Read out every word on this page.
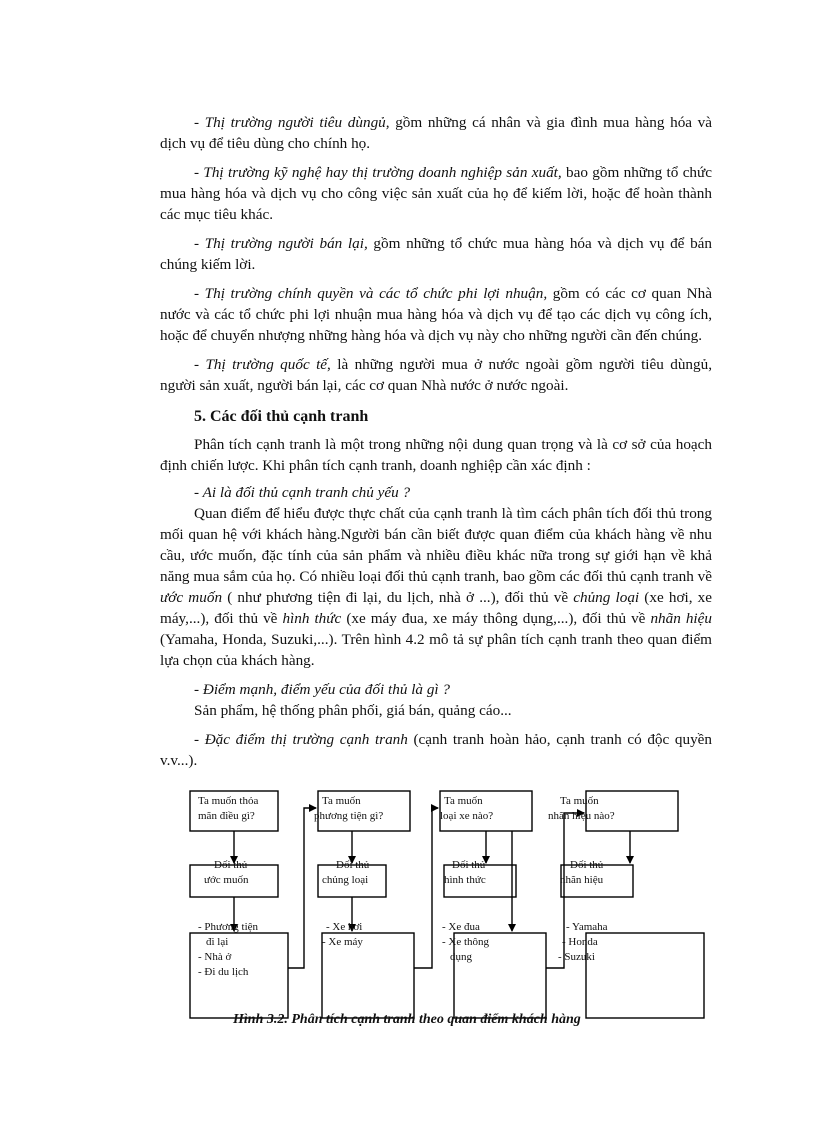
- Thị trường người tiêu dùngủ, gồm những cá nhân và gia đình mua hàng hóa và dịch vụ để tiêu dùng cho chính họ.

- Thị trường kỹ nghệ hay thị trường doanh nghiệp sản xuất, bao gồm những tổ chức mua hàng hóa và dịch vụ cho công việc sản xuất của họ để kiếm lời, hoặc để hoàn thành các mục tiêu khác.

- Thị trường người bán lại, gồm những tổ chức mua hàng hóa và dịch vụ để bán chúng kiếm lời.

- Thị trường chính quyền và các tổ chức phi lợi nhuận, gồm có các cơ quan Nhà nước và các tổ chức phi lợi nhuận mua hàng hóa và dịch vụ để tạo các dịch vụ công ích, hoặc để chuyển nhượng những hàng hóa và dịch vụ này cho những người cần đến chúng.

- Thị trường quốc tế, là những người mua ở nước ngoài gồm người tiêu dùngủ, người sản xuất, người bán lại, các cơ quan Nhà nước ở nước ngoài.

5. Các đối thủ cạnh tranh

Phân tích cạnh tranh là một trong những nội dung quan trọng và là cơ sở của hoạch định chiến lược. Khi phân tích cạnh tranh, doanh nghiệp cần xác định :

- Ai là đối thủ cạnh tranh chủ yếu ?

Quan điểm để hiểu được thực chất của cạnh tranh là tìm cách phân tích đối thủ trong mối quan hệ với khách hàng.Người bán cần biết được quan điểm của khách hàng về nhu cầu, ước muốn, đặc tính của sản phẩm và nhiều điều khác nữa trong sự giới hạn về khả năng mua sắm của họ. Có nhiều loại đối thủ cạnh tranh, bao gồm các đối thủ cạnh tranh về ước muốn ( như phương tiện đi lại, du lịch, nhà ở ...), đối thủ về chủng loại (xe hơi, xe máy,...), đối thủ về hình thức (xe máy đua, xe máy thông dụng,...), đối thủ về nhãn hiệu (Yamaha, Honda, Suzuki,...). Trên hình 4.2 mô tả sự phân tích cạnh tranh theo quan điểm lựa chọn của khách hàng.

- Điểm mạnh, điểm yếu của đối thủ là gì ?

Sản phẩm, hệ thống phân phối, giá bán, quảng cáo...

- Đặc điểm thị trường cạnh tranh (cạnh tranh hoàn hảo, cạnh tranh có độc quyền v.v...).

Ta muốn thỏa
mãn điều gì?
Đối thủ
ước muốn
- Phương tiện
đi lại
- Nhà ở
- Đi du lịch
Ta muốn
phương tiện gì?
Đối thủ
chủng loại
- Xe hơi
- Xe máy
Ta muốn
loại xe nào?
Đối thủ
hình thức
- Xe đua
- Xe thông
dụng
Ta muốn
nhãn hiệu nào?
Đối thủ
nhãn hiệu
- Yamaha
- Honda
- Suzuki
Hình 3.2. Phân tích cạnh tranh theo quan điểm khách hàng
